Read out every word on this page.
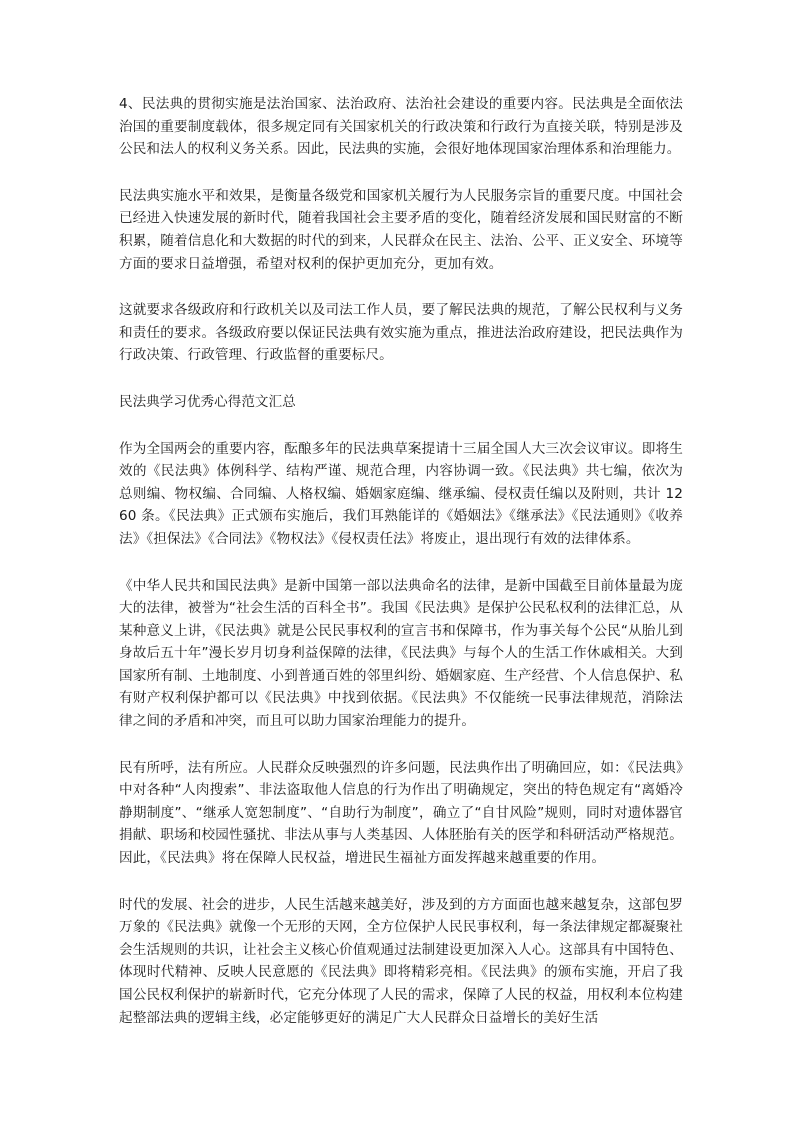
4、民法典的贯彻实施是法治国家、法治政府、法治社会建设的重要内容。民法典是全面依法治国的重要制度载体，很多规定同有关国家机关的行政决策和行政行为直接关联，特别是涉及公民和法人的权利义务关系。因此，民法典的实施，会很好地体现国家治理体系和治理能力。

民法典实施水平和效果，是衡量各级党和国家机关履行为人民服务宗旨的重要尺度。中国社会已经进入快速发展的新时代，随着我国社会主要矛盾的变化，随着经济发展和国民财富的不断积累，随着信息化和大数据的时代的到来，人民群众在民主、法治、公平、正义安全、环境等方面的要求日益增强，希望对权利的保护更加充分，更加有效。

这就要求各级政府和行政机关以及司法工作人员，要了解民法典的规范，了解公民权利与义务和责任的要求。各级政府要以保证民法典有效实施为重点，推进法治政府建设，把民法典作为行政决策、行政管理、行政监督的重要标尺。

民法典学习优秀心得范文汇总

作为全国两会的重要内容，酝酿多年的民法典草案提请十三届全国人大三次会议审议。即将生效的《民法典》体例科学、结构严谨、规范合理，内容协调一致。《民法典》共七编，依次为总则编、物权编、合同编、人格权编、婚姻家庭编、继承编、侵权责任编以及附则，共计 1260 条。《民法典》正式颁布实施后，我们耳熟能详的《婚姻法》《继承法》《民法通则》《收养法》《担保法》《合同法》《物权法》《侵权责任法》将废止，退出现行有效的法律体系。

《中华人民共和国民法典》是新中国第一部以法典命名的法律，是新中国截至目前体量最为庞大的法律，被誉为“社会生活的百科全书”。我国《民法典》是保护公民私权利的法律汇总，从某种意义上讲，《民法典》就是公民民事权利的宣言书和保障书，作为事关每个公民“从胎儿到身故后五十年”漫长岁月切身利益保障的法律，《民法典》与每个人的生活工作休戚相关。大到国家所有制、土地制度、小到普通百姓的邻里纠纷、婚姻家庭、生产经营、个人信息保护、私有财产权利保护都可以《民法典》中找到依据。《民法典》不仅能统一民事法律规范，消除法律之间的矛盾和冲突，而且可以助力国家治理能力的提升。

民有所呼，法有所应。人民群众反映强烈的许多问题，民法典作出了明确回应，如：《民法典》中对各种“人肉搜索”、非法盗取他人信息的行为作出了明确规定，突出的特色规定有“离婚冷静期制度”、“继承人宽恕制度”、“自助行为制度”，确立了“自甘风险”规则，同时对遗体器官捐献、职场和校园性骚扰、非法从事与人类基因、人体胚胎有关的医学和科研活动严格规范。因此，《民法典》将在保障人民权益，增进民生福祉方面发挥越来越重要的作用。

时代的发展、社会的进步，人民生活越来越美好，涉及到的方方面面也越来越复杂，这部包罗万象的《民法典》就像一个无形的天网，全方位保护人民民事权利，每一条法律规定都凝聚社会生活规则的共识，让社会主义核心价值观通过法制建设更加深入人心。这部具有中国特色、体现时代精神、反映人民意愿的《民法典》即将精彩亮相。《民法典》的颁布实施，开启了我国公民权利保护的崭新时代，它充分体现了人民的需求，保障了人民的权益，用权利本位构建起整部法典的逻辑主线，必定能够更好的满足广大人民群众日益增长的美好生活
